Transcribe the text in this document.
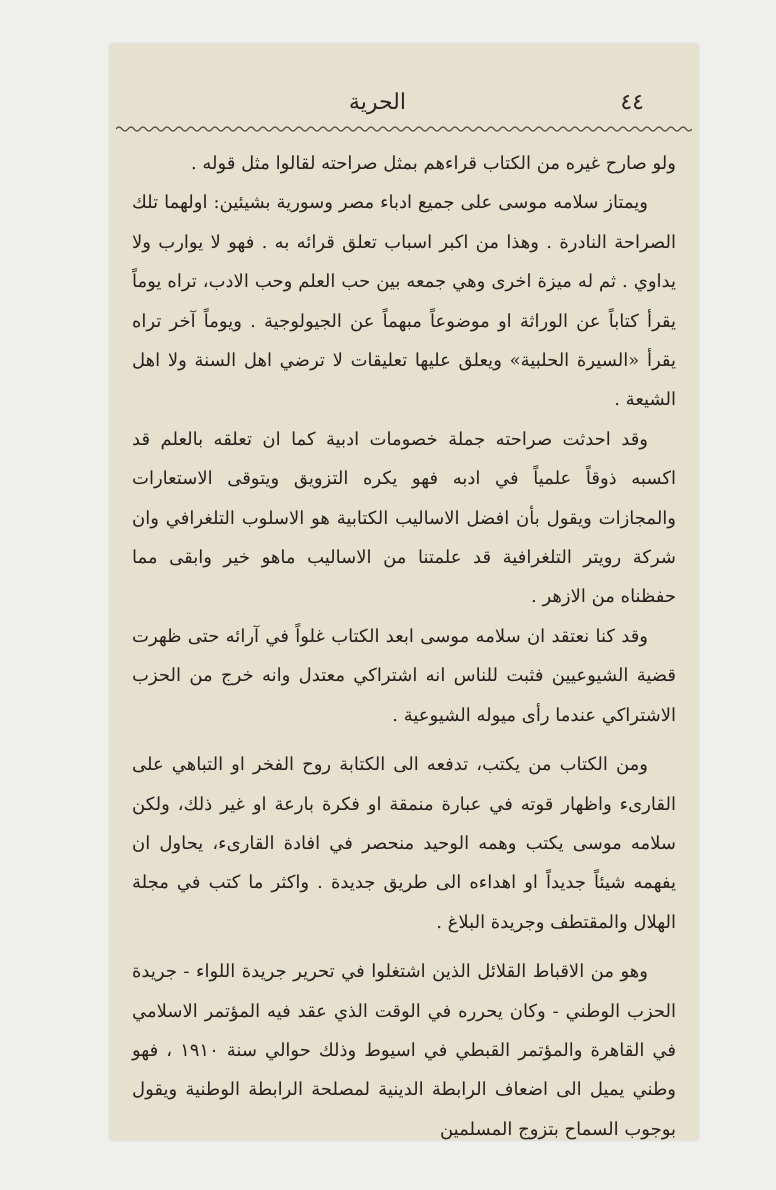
٤٤
الحرية

ولو صارح غيره من الكتاب قراءهم بمثل صراحته لقالوا مثل قوله .

ويمتاز سلامه موسى على جميع ادباء مصر وسورية بشيئين: اولهما تلك الصراحة النادرة . وهذا من اكبر اسباب تعلق قرائه به . فهو لا يوارب ولا يداوي . ثم له ميزة اخرى وهي جمعه بين حب العلم وحب الادب، تراه يوماً يقرأ كتاباً عن الوراثة او موضوعاً مبهماً عن الجيولوجية . ويوماً آخر تراه يقرأ «السيرة الحلبية» ويعلق عليها تعليقات لا ترضي اهل السنة ولا اهل الشيعة .

وقد احدثت صراحته جملة خصومات ادبية كما ان تعلقه بالعلم قد اكسبه ذوقاً علمياً في ادبه فهو يكره التزويق ويتوقى الاستعارات والمجازات ويقول بأن افضل الاساليب الكتابية هو الاسلوب التلغرافي وان شركة رويتر التلغرافية قد علمتنا من الاساليب ماهو خير وابقى مما حفظناه من الازهر .

وقد كنا نعتقد ان سلامه موسى ابعد الكتاب غلواً في آرائه حتى ظهرت قضية الشيوعيين فثبت للناس انه اشتراكي معتدل وانه خرج من الحزب الاشتراكي عندما رأى ميوله الشيوعية .

ومن الكتاب من يكتب، تدفعه الى الكتابة روح الفخر او التباهي على القارىء واظهار قوته في عبارة منمقة او فكرة بارعة او غير ذلك، ولكن سلامه موسى يكتب وهمه الوحيد منحصر في افادة القارىء، يحاول ان يفهمه شيئاً جديداً او اهداءه الى طريق جديدة . واكثر ما كتب في مجلة الهلال والمقتطف وجريدة البلاغ .

وهو من الاقباط القلائل الذين اشتغلوا في تحرير جريدة اللواء - جريدة الحزب الوطني - وكان يحرره في الوقت الذي عقد فيه المؤتمر الاسلامي في القاهرة والمؤتمر القبطي في اسيوط وذلك حوالي سنة ١٩١٠ ، فهو وطني يميل الى اضعاف الرابطة الدينية لمصلحة الرابطة الوطنية ويقول بوجوب السماح بتزوج المسلمين
